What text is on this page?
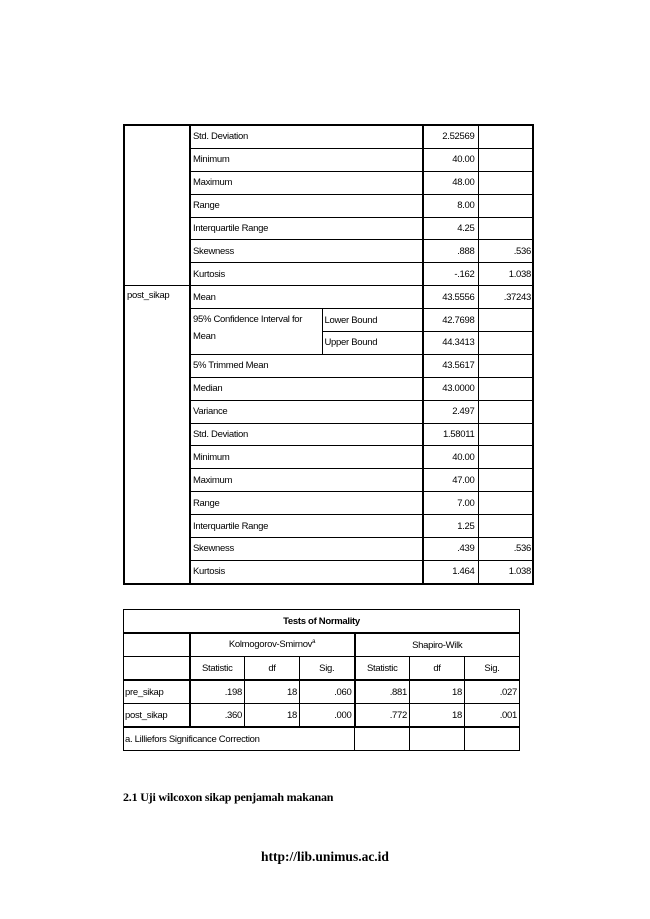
	Std. Deviation		2.52569	
	Minimum		40.00	
	Maximum		48.00	
	Range		8.00	
	Interquartile Range		4.25	
	Skewness		.888	.536
	Kurtosis		-.162	1.038
post_sikap	Mean		43.5556	.37243
	95% Confidence Interval for Mean	Lower Bound	42.7698	
		Upper Bound	44.3413	
	5% Trimmed Mean		43.5617	
	Median		43.0000	
	Variance		2.497	
	Std. Deviation		1.58011	
	Minimum		40.00	
	Maximum		47.00	
	Range		7.00	
	Interquartile Range		1.25	
	Skewness		.439	.536
	Kurtosis		1.464	1.038
Tests of Normality						
	Kolmogorov-Smirnov$^a$			Shapiro-Wilk		
	Statistic	df	Sig.	Statistic	df	Sig.
pre_sikap	.198	18	.060	.881	18	.027
post_sikap	.360	18	.000	.772	18	.001
a. Lilliefors Significance Correction						
2.1 Uji wilcoxon sikap penjamah makanan
http://lib.unimus.ac.id
